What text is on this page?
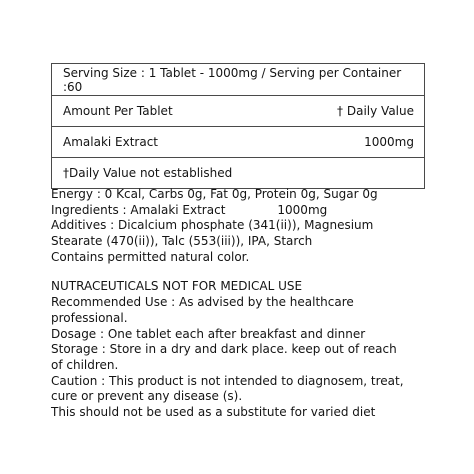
Serving Size : 1 Tablet - 1000mg / Serving per Container :60
Amount Per Tablet	† Daily Value
Amalaki Extract	1000mg
†Daily Value not established
Energy : 0 Kcal, Carbs 0g, Fat 0g, Protein 0g, Sugar 0g
Ingredients : Amalaki Extract	1000mg
Additives : Dicalcium phosphate (341(ii)), Magnesium
Stearate (470(ii)), Talc (553(iii)), IPA, Starch
Contains permitted natural color.
NUTRACEUTICALS NOT FOR MEDICAL USE
Recommended Use : As advised by the healthcare
professional.
Dosage : One tablet each after breakfast and dinner
Storage : Store in a dry and dark place. keep out of reach
of children.
Caution : This product is not intended to diagnosem, treat,
cure or prevent any disease (s).
This should not be used as a substitute for varied diet
